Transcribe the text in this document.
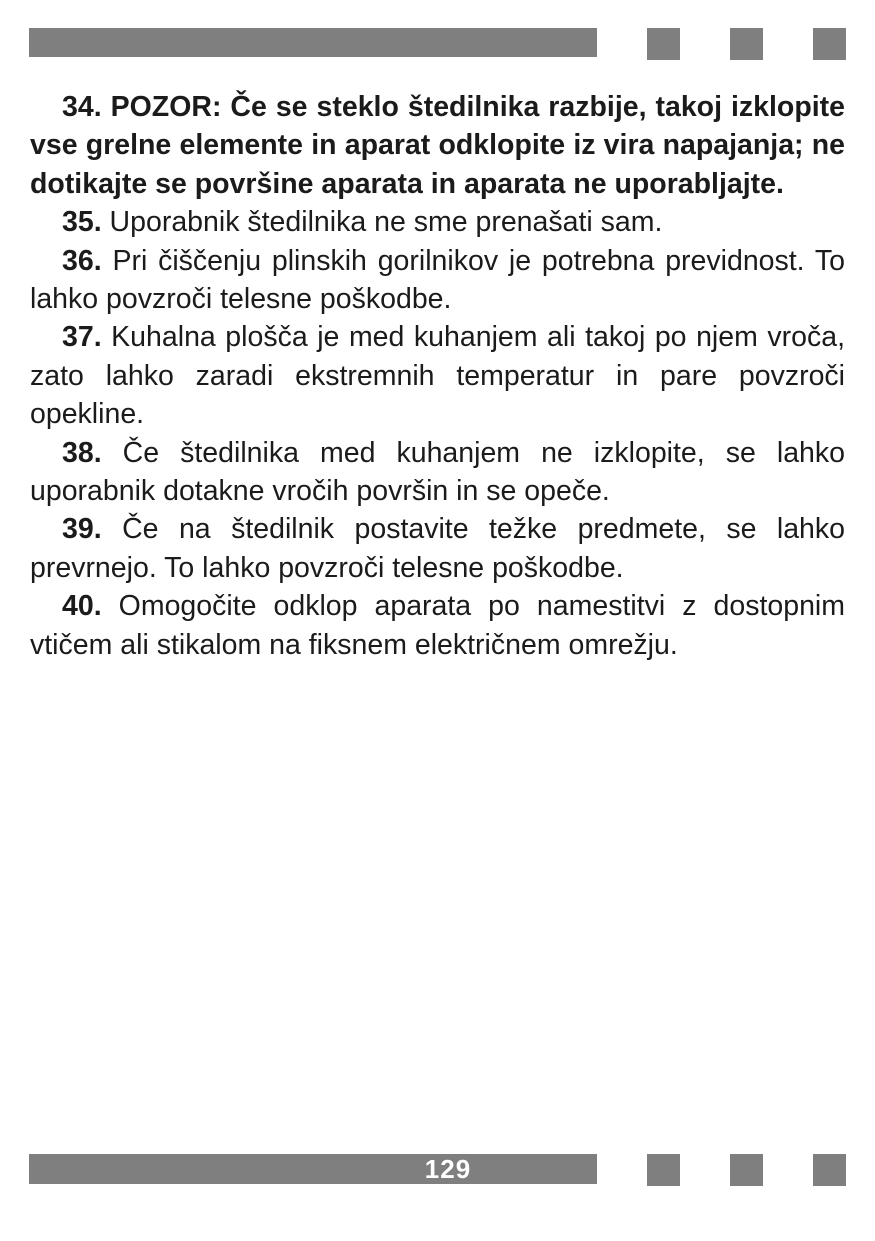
34. POZOR: Če se steklo štedilnika razbije, takoj izklopite vse grelne elemente in aparat odklopite iz vira napajanja; ne dotikajte se površine aparata in aparata ne uporabljajte.

35. Uporabnik štedilnika ne sme prenašati sam.

36. Pri čiščenju plinskih gorilnikov je potrebna previdnost. To lahko povzroči telesne poškodbe.

37. Kuhalna plošča je med kuhanjem ali takoj po njem vroča, zato lahko zaradi ekstremnih temperatur in pare povzroči opekline.

38. Če štedilnika med kuhanjem ne izklopite, se lahko uporabnik dotakne vročih površin in se opeče.

39. Če na štedilnik postavite težke predmete, se lahko prevrnejo. To lahko povzroči telesne poškodbe.

40. Omogočite odklop aparata po namestitvi z dostopnim vtičem ali stikalom na fiksnem električnem omrežju.

129
